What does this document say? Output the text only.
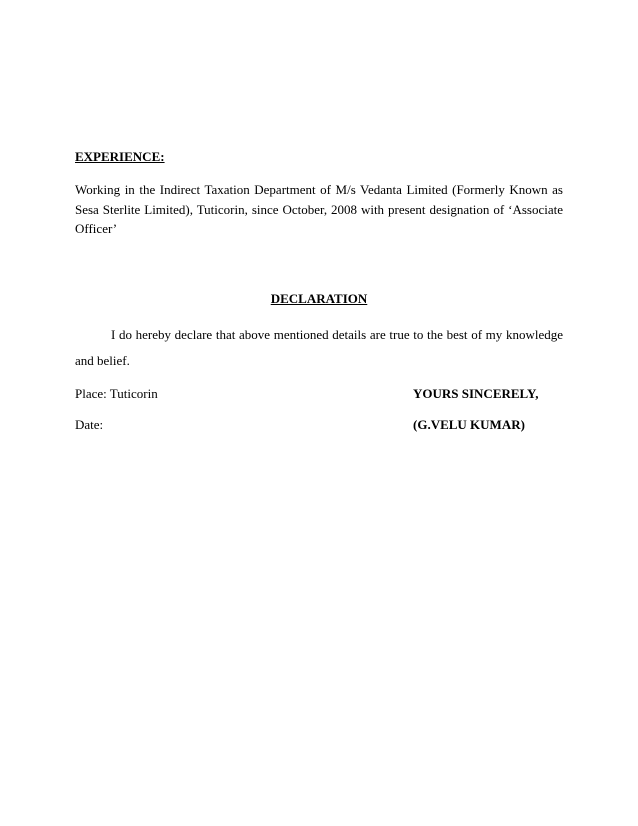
EXPERIENCE:
Working in the Indirect Taxation Department of M/s Vedanta Limited (Formerly Known as Sesa Sterlite Limited), Tuticorin, since October, 2008 with present designation of ‘Associate Officer’
DECLARATION
I do hereby declare that above mentioned details are true to the best of my knowledge and belief.
Place: Tuticorin
Date:
YOURS SINCERELY,
(G.VELU KUMAR)
